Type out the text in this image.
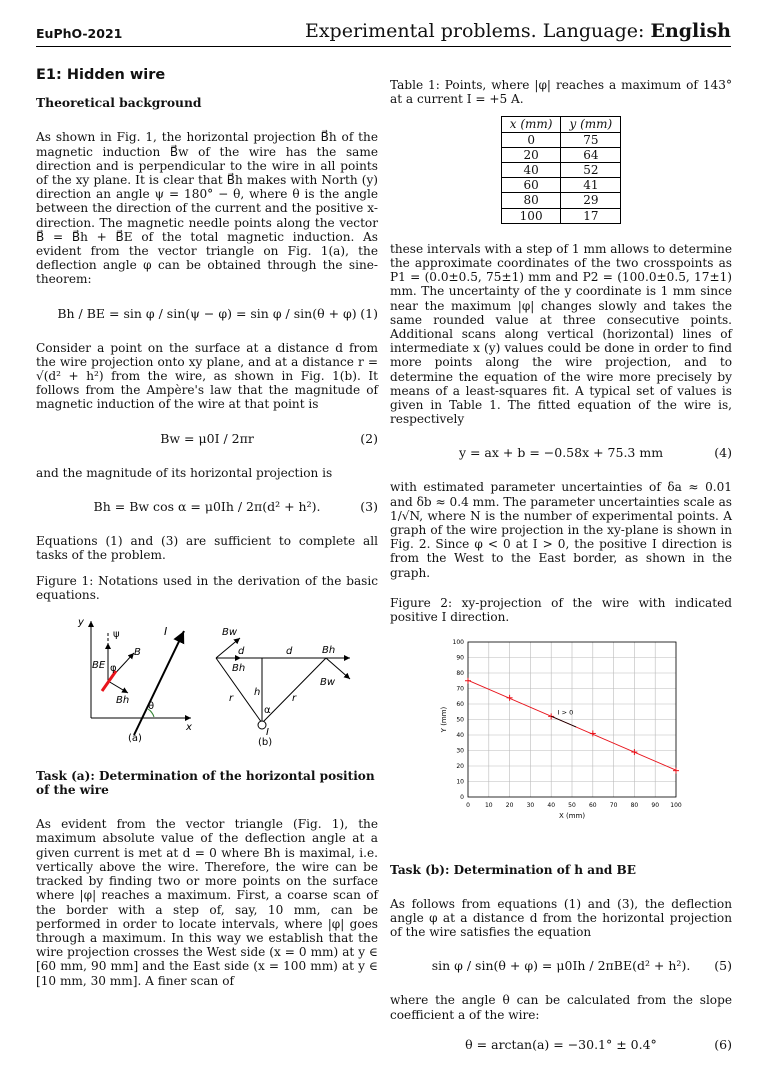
EuPhO-2021	Experimental problems. Language: English
E1: Hidden wire
Theoretical background

As shown in Fig. 1, the horizontal projection B⃗h of the magnetic induction B⃗w of the wire has the same direction and is perpendicular to the wire in all points of the xy plane. It is clear that B⃗h makes with North (y) direction an angle ψ = 180° − θ, where θ is the angle between the direction of the current and the positive x-direction. The magnetic needle points along the vector B⃗ = B⃗h + B⃗E of the total magnetic induction. As evident from the vector triangle on Fig. 1(a), the deflection angle φ can be obtained through the sine-theorem:

Bh / BE = sin φ / sin(ψ − φ) = sin φ / sin(θ + φ) (1)

Consider a point on the surface at a distance d from the wire projection onto xy plane, and at a distance r = √(d² + h²) from the wire, as shown in Fig. 1(b). It follows from the Ampère's law that the magnitude of magnetic induction of the wire at that point is

Bw = μ0I / 2πr	(2)

and the magnitude of its horizontal projection is

Bh = Bw cos α = μ0Ih / 2π(d² + h²).	(3)

Equations (1) and (3) are sufficient to complete all tasks of the problem.

Figure 1: Notations used in the derivation of the basic equations.
y
x
I
θ
ψ
φ
B
BE
Bh
(a)
I
Bw
Bh
Bh
Bw
d	d
h
r	r
α
(b)
Task (a): Determination of the horizontal position of the wire

As evident from the vector triangle (Fig. 1), the maximum absolute value of the deflection angle at a given current is met at d = 0 where Bh is maximal, i.e. vertically above the wire. Therefore, the wire can be tracked by finding two or more points on the surface where |φ| reaches a maximum. First, a coarse scan of the border with a step of, say, 10 mm, can be performed in order to locate intervals, where |φ| goes through a maximum. In this way we establish that the wire projection crosses the West side (x = 0 mm) at y ∈ [60 mm, 90 mm] and the East side (x = 100 mm) at y ∈ [10 mm, 30 mm]. A finer scan of

Table 1: Points, where |φ| reaches a maximum of 143° at a current I = +5 A.
x (mm)	y (mm)
0	75
20	64
40	52
60	41
80	29
100	17

these intervals with a step of 1 mm allows to determine the approximate coordinates of the two crosspoints as P1 = (0.0±0.5, 75±1) mm and P2 = (100.0±0.5, 17±1) mm. The uncertainty of the y coordinate is 1 mm since near the maximum |φ| changes slowly and takes the same rounded value at three consecutive points. Additional scans along vertical (horizontal) lines of intermediate x (y) values could be done in order to find more points along the wire projection, and to determine the equation of the wire more precisely by means of a least-squares fit. A typical set of values is given in Table 1. The fitted equation of the wire is, respectively

y = ax + b = −0.58x + 75.3 mm	(4)

with estimated parameter uncertainties of δa ≈ 0.01 and δb ≈ 0.4 mm. The parameter uncertainties scale as 1/√N, where N is the number of experimental points. A graph of the wire projection in the xy-plane is shown in Fig. 2. Since φ < 0 at I > 0, the positive I direction is from the West to the East border, as shown in the graph.

Figure 2: xy-projection of the wire with indicated positive I direction.
0	10 20 30 40 50 60 70 80 90 100
0
10
20
30
40
50
60
70
80
90
100
X (mm)
Y (mm)	I > 0
Task (b): Determination of h and BE

As follows from equations (1) and (3), the deflection angle φ at a distance d from the horizontal projection of the wire satisfies the equation

sin φ / sin(θ + φ) = μ0Ih / 2πBE(d² + h²). (5)

where the angle θ can be calculated from the slope coefficient a of the wire:

θ = arctan(a) = −30.1° ± 0.4°	(6)
